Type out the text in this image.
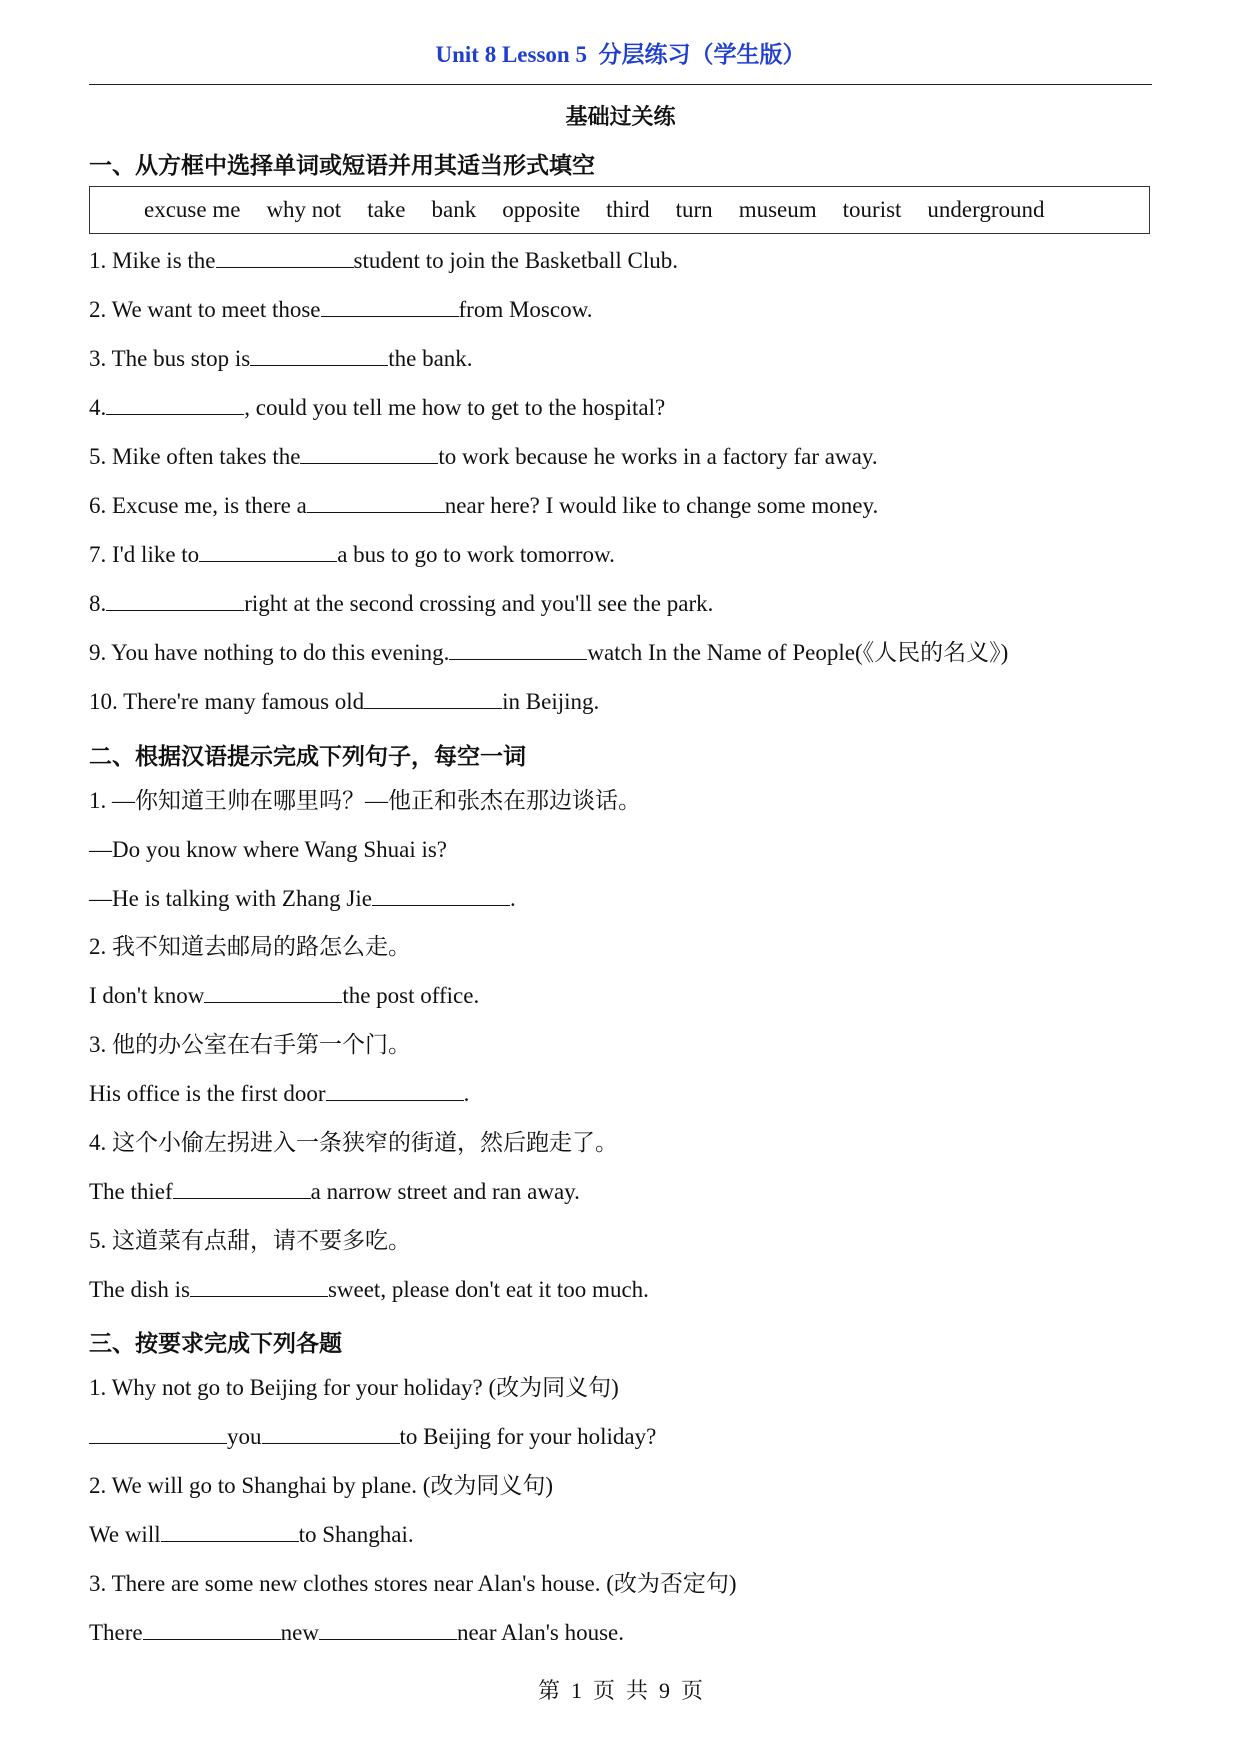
Unit 8 Lesson 5  分层练习（学生版）
基础过关练
一、从方框中选择单词或短语并用其适当形式填空
excuse me why not take bank opposite third turn museum tourist underground
1. Mike is the	student to join the Basketball Club.
2. We want to meet those	from Moscow.
3. The bus stop is	the bank.
4.	, could you tell me how to get to the hospital?
5. Mike often takes the	to work because he works in a factory far away.
6. Excuse me, is there a	near here? I would like to change some money.
7. I'd like to	a bus to go to work tomorrow.
8.	right at the second crossing and you'll see the park.
9. You have nothing to do this evening.	watch In the Name of People(《人民的名义》)
10. There're many famous old	in Beijing.
二、根据汉语提示完成下列句子，每空一词
1. —你知道王帅在哪里吗？—他正和张杰在那边谈话。
—Do you know where Wang Shuai is?
—He is talking with Zhang Jie	.
2. 我不知道去邮局的路怎么走。
I don't know	the post office.
3. 他的办公室在右手第一个门。
His office is the first door	.
4. 这个小偷左拐进入一条狭窄的街道，然后跑走了。
The thief	a narrow street and ran away.
5. 这道菜有点甜，请不要多吃。
The dish is	sweet, please don't eat it too much.
三、按要求完成下列各题
1. Why not go to Beijing for your holiday? (改为同义句)
you	to Beijing for your holiday?
2. We will go to Shanghai by plane. (改为同义句)
We will	to Shanghai.
3. There are some new clothes stores near Alan's house. (改为否定句)
There	new	near Alan's house.
第  1  页  共  9  页
